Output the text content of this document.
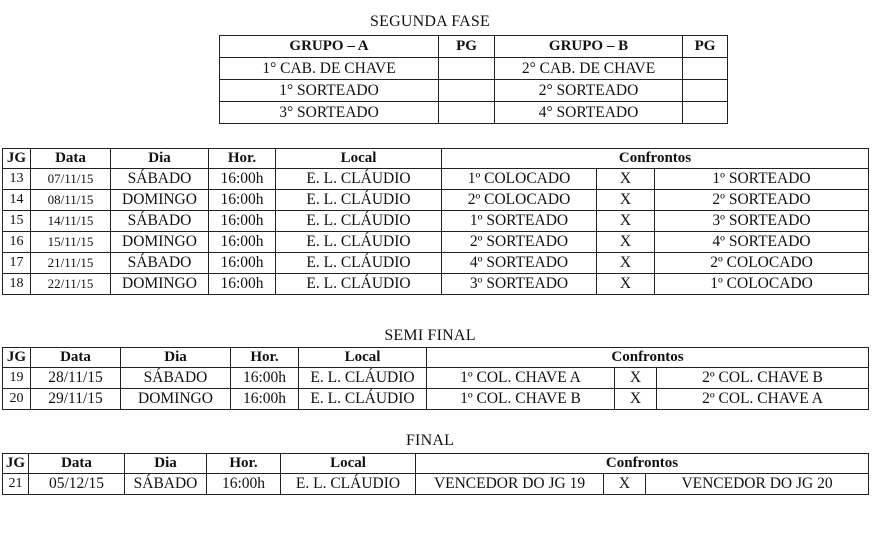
SEGUNDA FASE
GRUPO – A	PG	GRUPO – B	PG
1° CAB. DE CHAVE		2° CAB. DE CHAVE	
1° SORTEADO		2° SORTEADO	
3° SORTEADO		4° SORTEADO	
JG	Data	Dia	Hor.	Local	Confrontos		
13	07/11/15	SÁBADO	16:00h	E. L. CLÁUDIO	1º COLOCADO	X	1º SORTEADO
14	08/11/15	DOMINGO	16:00h	E. L. CLÁUDIO	2º COLOCADO	X	2º SORTEADO
15	14/11/15	SÁBADO	16:00h	E. L. CLÁUDIO	1º SORTEADO	X	3º SORTEADO
16	15/11/15	DOMINGO	16:00h	E. L. CLÁUDIO	2º SORTEADO	X	4º SORTEADO
17	21/11/15	SÁBADO	16:00h	E. L. CLÁUDIO	4º SORTEADO	X	2º COLOCADO
18	22/11/15	DOMINGO	16:00h	E. L. CLÁUDIO	3º SORTEADO	X	1º COLOCADO
SEMI FINAL
JG	Data	Dia	Hor.	Local	Confrontos		
19	28/11/15	SÁBADO	16:00h	E. L. CLÁUDIO	1º COL. CHAVE A	X	2º COL. CHAVE B
20	29/11/15	DOMINGO	16:00h	E. L. CLÁUDIO	1º COL. CHAVE B	X	2º COL. CHAVE A
FINAL
JG	Data	Dia	Hor.	Local	Confrontos		
21	05/12/15	SÁBADO	16:00h	E. L. CLÁUDIO	VENCEDOR DO JG 19	X	VENCEDOR DO JG 20
